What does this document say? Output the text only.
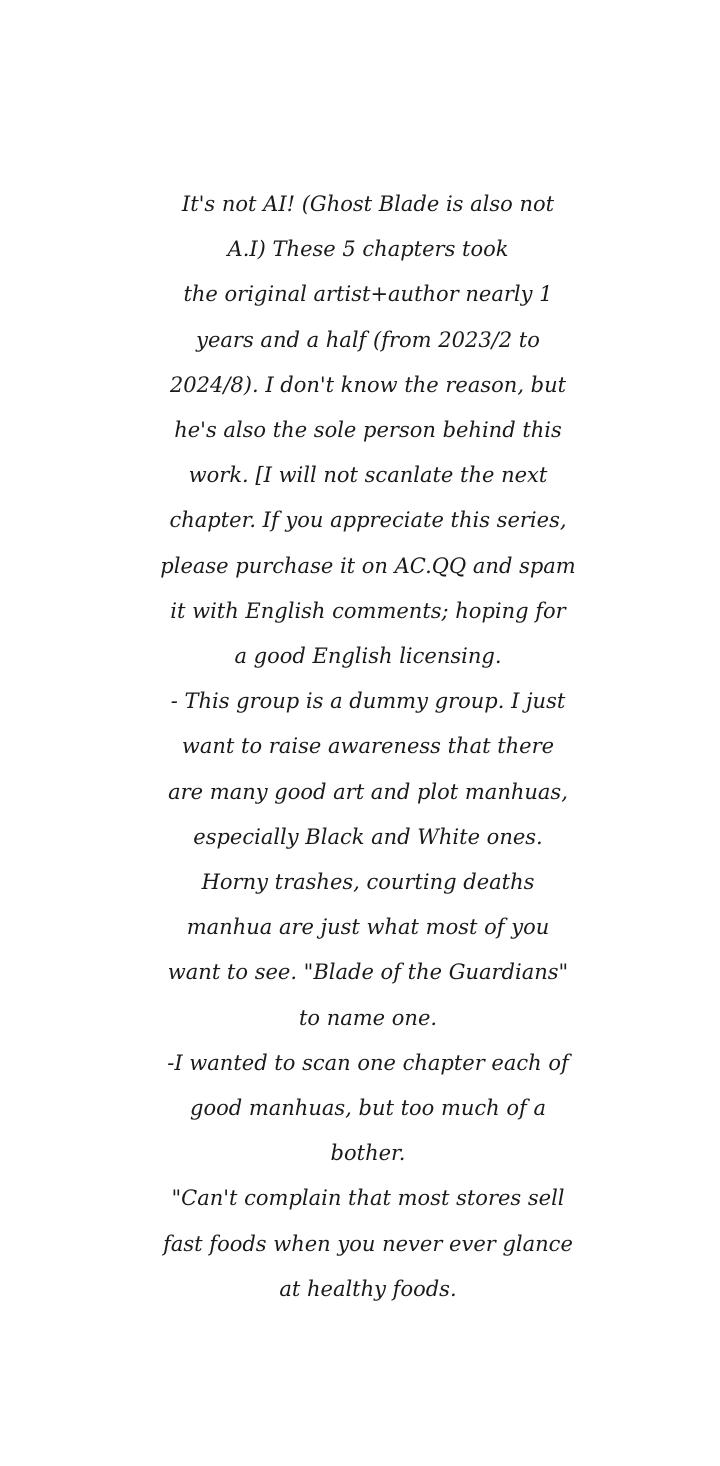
It's not AI! (Ghost Blade is also not
A.I) These 5 chapters took
the original artist+author nearly 1
years and a half (from 2023/2 to
2024/8). I don't know the reason, but
he's also the sole person behind this
work. [I will not scanlate the next
chapter. If you appreciate this series,
please purchase it on AC.QQ and spam
it with English comments; hoping for
a good English licensing.
- This group is a dummy group. I just
want to raise awareness that there
are many good art and plot manhuas,
especially Black and White ones.
Horny trashes, courting deaths
manhua are just what most of you
want to see. "Blade of the Guardians"
to name one.
-I wanted to scan one chapter each of
good manhuas, but too much of a
bother.
"Can't complain that most stores sell
fast foods when you never ever glance
at healthy foods.
